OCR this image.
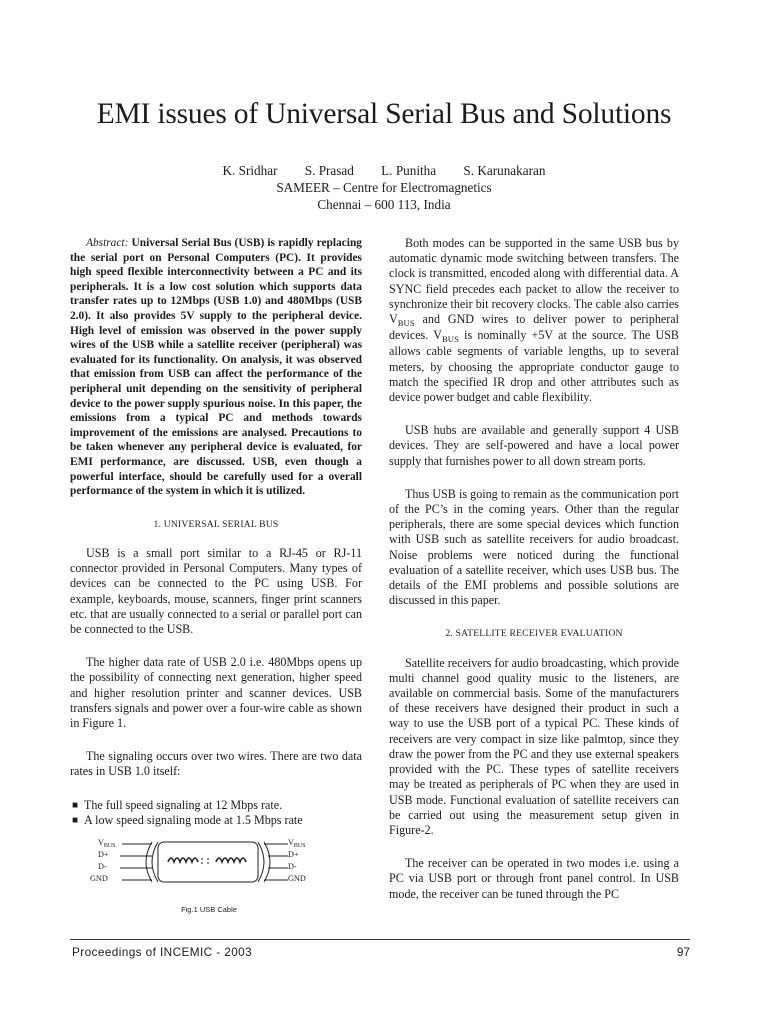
EMI issues of Universal Serial Bus and Solutions
K. Sridhar S. Prasad L. Punitha S. Karunakaran
SAMEER – Centre for Electromagnetics
Chennai – 600 113, India

Abstract: Universal Serial Bus (USB) is rapidly replacing the serial port on Personal Computers (PC). It provides high speed flexible interconnectivity between a PC and its peripherals. It is a low cost solution which supports data transfer rates up to 12Mbps (USB 1.0) and 480Mbps (USB 2.0). It also provides 5V supply to the peripheral device. High level of emission was observed in the power supply wires of the USB while a satellite receiver (peripheral) was evaluated for its functionality. On analysis, it was observed that emission from USB can affect the performance of the peripheral unit depending on the sensitivity of peripheral device to the power supply spurious noise. In this paper, the emissions from a typical PC and methods towards improvement of the emissions are analysed. Precautions to be taken whenever any peripheral device is evaluated, for EMI performance, are discussed. USB, even though a powerful interface, should be carefully used for a overall performance of the system in which it is utilized.

1. UNIVERSAL SERIAL BUS

USB is a small port similar to a RJ-45 or RJ-11 connector provided in Personal Computers. Many types of devices can be connected to the PC using USB. For example, keyboards, mouse, scanners, finger print scanners etc. that are usually connected to a serial or parallel port can be connected to the USB.

The higher data rate of USB 2.0 i.e. 480Mbps opens up the possibility of connecting next generation, higher speed and higher resolution printer and scanner devices. USB transfers signals and power over a four-wire cable as shown in Figure 1.

The signaling occurs over two wires. There are two data rates in USB 1.0 itself:

■ The full speed signaling at 12 Mbps rate.
■ A low speed signaling mode at 1.5 Mbps rate
$V_{BUS}$
D+
D-
GND
$V_{BUS}$
D+
D-
GND
Fig.1 USB Cable

Both modes can be supported in the same USB bus by automatic dynamic mode switching between transfers. The clock is transmitted, encoded along with differential data. A SYNC field precedes each packet to allow the receiver to synchronize their bit recovery clocks. The cable also carries $V_{BUS}$ and GND wires to deliver power to peripheral devices. $V_{BUS}$ is nominally +5V at the source. The USB allows cable segments of variable lengths, up to several meters, by choosing the appropriate conductor gauge to match the specified IR drop and other attributes such as device power budget and cable flexibility.

USB hubs are available and generally support 4 USB devices. They are self-powered and have a local power supply that furnishes power to all down stream ports.

Thus USB is going to remain as the communication port of the PC’s in the coming years. Other than the regular peripherals, there are some special devices which function with USB such as satellite receivers for audio broadcast. Noise problems were noticed during the functional evaluation of a satellite receiver, which uses USB bus. The details of the EMI problems and possible solutions are discussed in this paper.

2. SATELLITE RECEIVER EVALUATION

Satellite receivers for audio broadcasting, which provide multi channel good quality music to the listeners, are available on commercial basis. Some of the manufacturers of these receivers have designed their product in such a way to use the USB port of a typical PC. These kinds of receivers are very compact in size like palmtop, since they draw the power from the PC and they use external speakers provided with the PC. These types of satellite receivers may be treated as peripherals of PC when they are used in USB mode. Functional evaluation of satellite receivers can be carried out using the measurement setup given in Figure-2.

The receiver can be operated in two modes i.e. using a PC via USB port or through front panel control. In USB mode, the receiver can be tuned through the PC

Proceedings of INCEMIC - 2003	97
